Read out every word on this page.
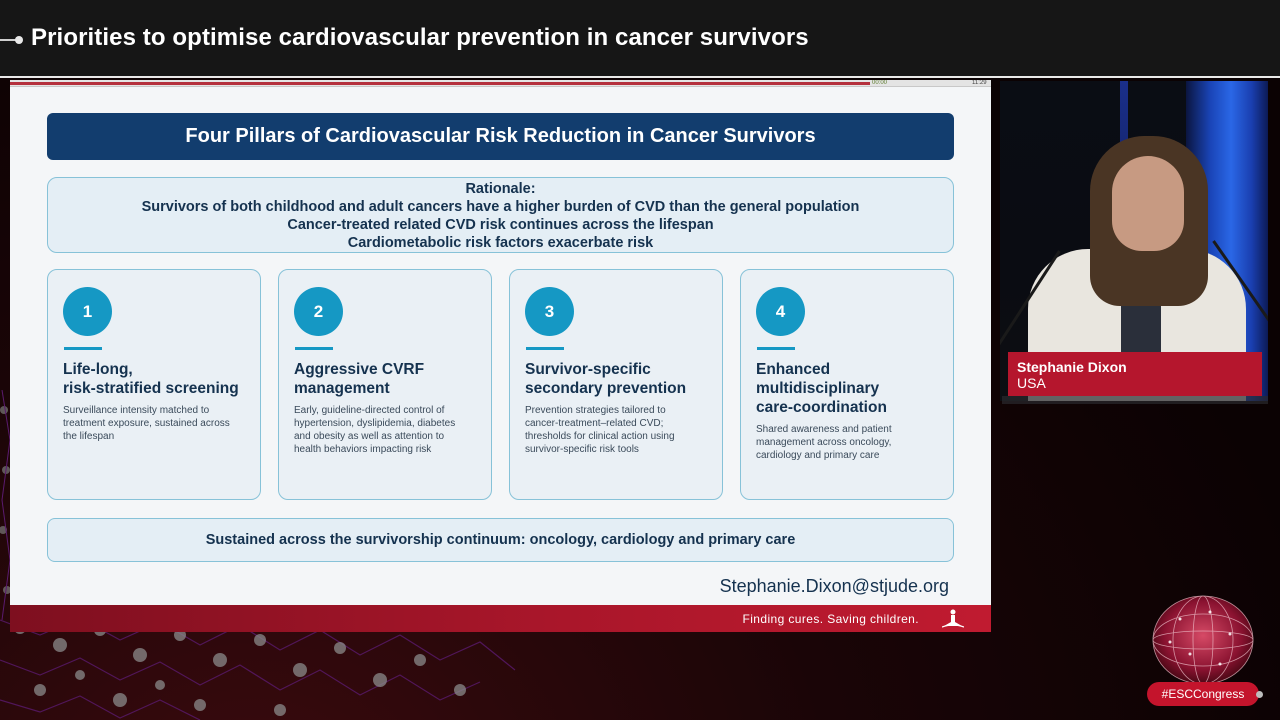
Priorities to optimise cardiovascular prevention in cancer survivors
00:00	11:29
Four Pillars of Cardiovascular Risk Reduction in Cancer Survivors
Rationale:
Survivors of both childhood and adult cancers have a higher burden of CVD than the general population
Cancer-treated related CVD risk continues across the lifespan
Cardiometabolic risk factors exacerbate risk
1
Life-long,
risk-stratified screening
Surveillance intensity matched to
treatment exposure, sustained across
the lifespan
2
Aggressive CVRF
management
Early, guideline-directed control of
hypertension, dyslipidemia, diabetes
and obesity as well as attention to
health behaviors impacting risk
3
Survivor-specific
secondary prevention
Prevention strategies tailored to
cancer-treatment–related CVD;
thresholds for clinical action using
survivor-specific risk tools
4
Enhanced
multidisciplinary
care-coordination
Shared awareness and patient
management across oncology,
cardiology and primary care
Sustained across the survivorship continuum: oncology, cardiology and primary care
Stephanie.Dixon@stjude.org
Finding cures. Saving children.
Stephanie Dixon
USA
#ESCCongress
